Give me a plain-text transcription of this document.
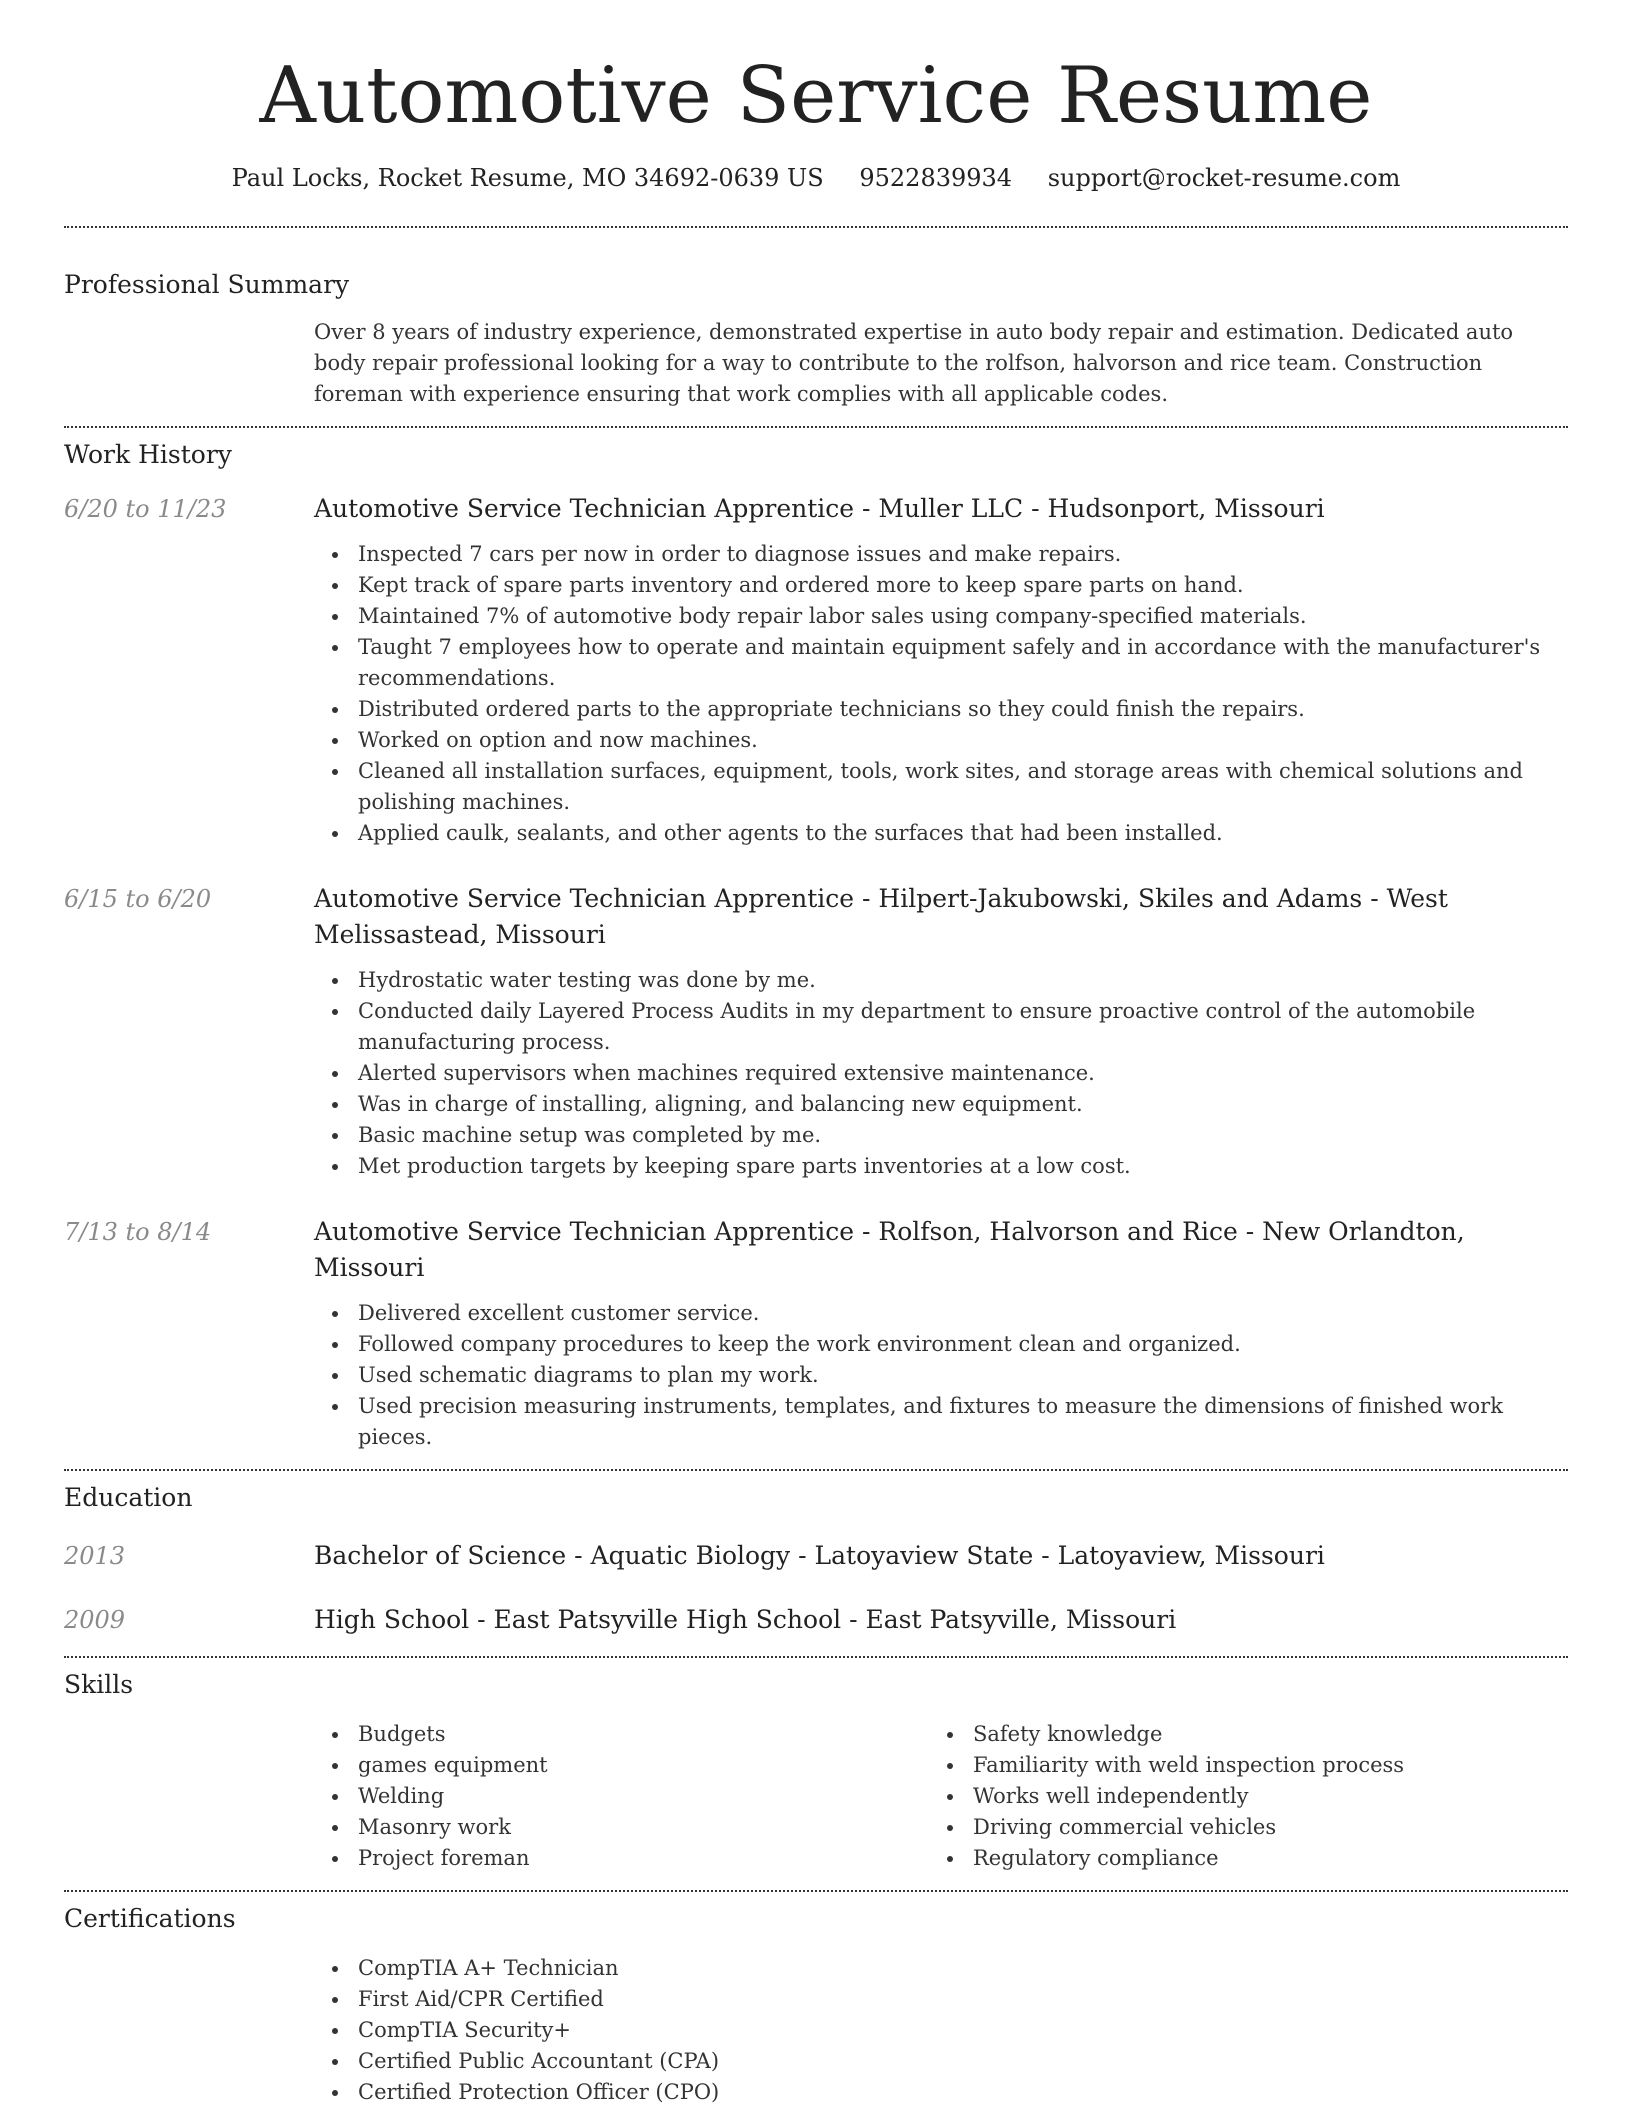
Automotive Service Resume
Paul Locks, Rocket Resume, MO 34692-0639 US 9522839934 support@rocket-resume.com
Professional Summary
Over 8 years of industry experience, demonstrated expertise in auto body repair and estimation. Dedicated auto body repair professional looking for a way to contribute to the rolfson, halvorson and rice team. Construction foreman with experience ensuring that work complies with all applicable codes.
Work History
6/20 to 11/23	Automotive Service Technician Apprentice - Muller LLC - Hudsonport, Missouri
Inspected 7 cars per now in order to diagnose issues and make repairs.
Kept track of spare parts inventory and ordered more to keep spare parts on hand.
Maintained 7% of automotive body repair labor sales using company-specified materials.
Taught 7 employees how to operate and maintain equipment safely and in accordance with the manufacturer's recommendations.
Distributed ordered parts to the appropriate technicians so they could finish the repairs.
Worked on option and now machines.
Cleaned all installation surfaces, equipment, tools, work sites, and storage areas with chemical solutions and polishing machines.
Applied caulk, sealants, and other agents to the surfaces that had been installed.
6/15 to 6/20	Automotive Service Technician Apprentice - Hilpert-Jakubowski, Skiles and Adams - West Melissastead, Missouri
Hydrostatic water testing was done by me.
Conducted daily Layered Process Audits in my department to ensure proactive control of the automobile manufacturing process.
Alerted supervisors when machines required extensive maintenance.
Was in charge of installing, aligning, and balancing new equipment.
Basic machine setup was completed by me.
Met production targets by keeping spare parts inventories at a low cost.
7/13 to 8/14	Automotive Service Technician Apprentice - Rolfson, Halvorson and Rice - New Orlandton, Missouri
Delivered excellent customer service.
Followed company procedures to keep the work environment clean and organized.
Used schematic diagrams to plan my work.
Used precision measuring instruments, templates, and fixtures to measure the dimensions of finished work pieces.
Education
2013	Bachelor of Science - Aquatic Biology - Latoyaview State - Latoyaview, Missouri
2009	High School - East Patsyville High School - East Patsyville, Missouri
Skills
Budgets
games equipment
Welding
Masonry work
Project foreman
Safety knowledge
Familiarity with weld inspection process
Works well independently
Driving commercial vehicles
Regulatory compliance
Certifications
CompTIA A+ Technician
First Aid/CPR Certified
CompTIA Security+
Certified Public Accountant (CPA)
Certified Protection Officer (CPO)
